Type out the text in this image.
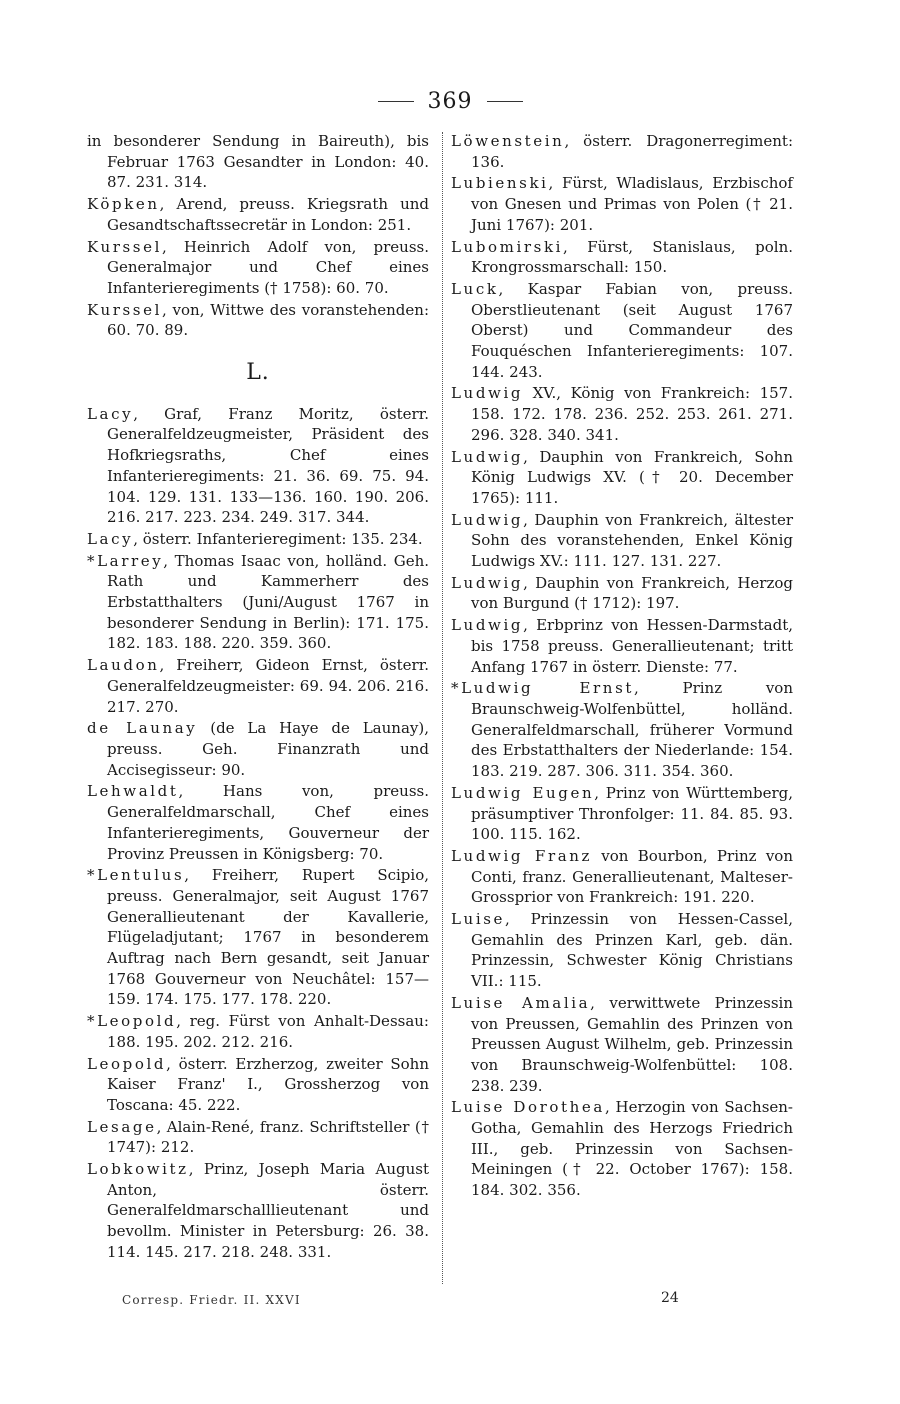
369

in besonderer Sendung in Baireuth), bis Februar 1763 Gesandter in London: 40. 87. 231. 314.

Köpken, Arend, preuss. Kriegsrath und Gesandtschaftssecretär in London: 251.

Kurssel, Heinrich Adolf von, preuss. Generalmajor und Chef eines Infanterieregiments († 1758): 60. 70.

Kurssel, von, Wittwe des voranstehenden: 60. 70. 89.

L.

Lacy, Graf, Franz Moritz, österr. Generalfeldzeugmeister, Präsident des Hofkriegsraths, Chef eines Infanterieregiments: 21. 36. 69. 75. 94. 104. 129. 131. 133—136. 160. 190. 206. 216. 217. 223. 234. 249. 317. 344.

Lacy, österr. Infanterieregiment: 135. 234.

*Larrey, Thomas Isaac von, holländ. Geh. Rath und Kammerherr des Erbstatthalters (Juni/August 1767 in besonderer Sendung in Berlin): 171. 175. 182. 183. 188. 220. 359. 360.

Laudon, Freiherr, Gideon Ernst, österr. Generalfeldzeugmeister: 69. 94. 206. 216. 217. 270.

de Launay (de La Haye de Launay), preuss. Geh. Finanzrath und Accisegisseur: 90.

Lehwaldt, Hans von, preuss. Generalfeldmarschall, Chef eines Infanterieregiments, Gouverneur der Provinz Preussen in Königsberg: 70.

*Lentulus, Freiherr, Rupert Scipio, preuss. Generalmajor, seit August 1767 Generallieutenant der Kavallerie, Flügeladjutant; 1767 in besonderem Auftrag nach Bern gesandt, seit Januar 1768 Gouverneur von Neuchâtel: 157—159. 174. 175. 177. 178. 220.

*Leopold, reg. Fürst von Anhalt-Dessau: 188. 195. 202. 212. 216.

Leopold, österr. Erzherzog, zweiter Sohn Kaiser Franz' I., Grossherzog von Toscana: 45. 222.

Lesage, Alain-René, franz. Schriftsteller († 1747): 212.

Lobkowitz, Prinz, Joseph Maria August Anton, österr. Generalfeldmarschalllieutenant und bevollm. Minister in Petersburg: 26. 38. 114. 145. 217. 218. 248. 331.

Löwenstein, österr. Dragonerregiment: 136.

Lubienski, Fürst, Wladislaus, Erzbischof von Gnesen und Primas von Polen († 21. Juni 1767): 201.

Lubomirski, Fürst, Stanislaus, poln. Krongrossmarschall: 150.

Luck, Kaspar Fabian von, preuss. Oberstlieutenant (seit August 1767 Oberst) und Commandeur des Fouquéschen Infanterieregiments: 107. 144. 243.

Ludwig XV., König von Frankreich: 157. 158. 172. 178. 236. 252. 253. 261. 271. 296. 328. 340. 341.

Ludwig, Dauphin von Frankreich, Sohn König Ludwigs XV. († 20. December 1765): 111.

Ludwig, Dauphin von Frankreich, ältester Sohn des voranstehenden, Enkel König Ludwigs XV.: 111. 127. 131. 227.

Ludwig, Dauphin von Frankreich, Herzog von Burgund († 1712): 197.

Ludwig, Erbprinz von Hessen-Darmstadt, bis 1758 preuss. Generallieutenant; tritt Anfang 1767 in österr. Dienste: 77.

*Ludwig Ernst, Prinz von Braunschweig-Wolfenbüttel, holländ. Generalfeldmarschall, früherer Vormund des Erbstatthalters der Niederlande: 154. 183. 219. 287. 306. 311. 354. 360.

Ludwig Eugen, Prinz von Württemberg, präsumptiver Thronfolger: 11. 84. 85. 93. 100. 115. 162.

Ludwig Franz von Bourbon, Prinz von Conti, franz. Generallieutenant, Malteser-Grossprior von Frankreich: 191. 220.

Luise, Prinzessin von Hessen-Cassel, Gemahlin des Prinzen Karl, geb. dän. Prinzessin, Schwester König Christians VII.: 115.

Luise Amalia, verwittwete Prinzessin von Preussen, Gemahlin des Prinzen von Preussen August Wilhelm, geb. Prinzessin von Braunschweig-Wolfenbüttel: 108. 238. 239.

Luise Dorothea, Herzogin von Sachsen-Gotha, Gemahlin des Herzogs Friedrich III., geb. Prinzessin von Sachsen-Meiningen († 22. October 1767): 158. 184. 302. 356.

Corresp. Friedr. II. XXVI	24
